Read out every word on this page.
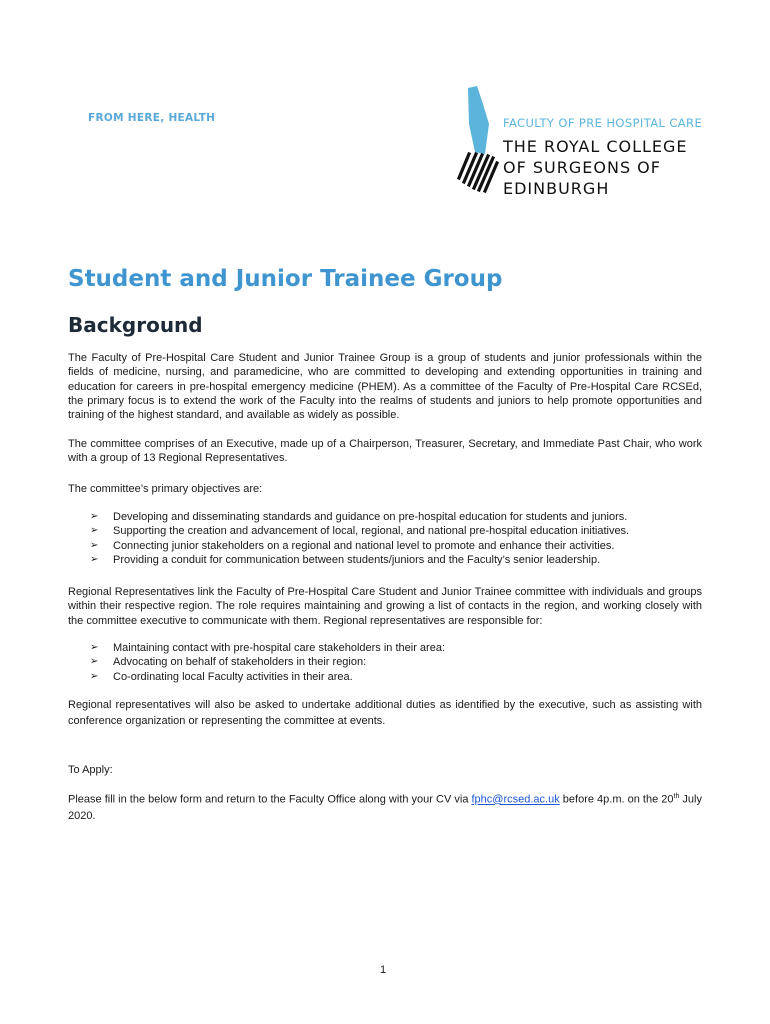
FROM HERE, HEALTH	FACULTY OF PRE HOSPITAL CARE
THE ROYAL COLLEGE
OF SURGEONS OF
EDINBURGH
Student and Junior Trainee Group
Background

The Faculty of Pre-Hospital Care Student and Junior Trainee Group is a group of students and junior professionals within the fields of medicine, nursing, and paramedicine, who are committed to developing and extending opportunities in training and education for careers in pre-hospital emergency medicine (PHEM). As a committee of the Faculty of Pre-Hospital Care RCSEd, the primary focus is to extend the work of the Faculty into the realms of students and juniors to help promote opportunities and training of the highest standard, and available as widely as possible.

The committee comprises of an Executive, made up of a Chairperson, Treasurer, Secretary, and Immediate Past Chair, who work with a group of 13 Regional Representatives.

The committee’s primary objectives are:

➢ Developing and disseminating standards and guidance on pre-hospital education for students and juniors.
➢ Supporting the creation and advancement of local, regional, and national pre-hospital education initiatives.
➢ Connecting junior stakeholders on a regional and national level to promote and enhance their activities.
➢ Providing a conduit for communication between students/juniors and the Faculty’s senior leadership.

Regional Representatives link the Faculty of Pre-Hospital Care Student and Junior Trainee committee with individuals and groups within their respective region. The role requires maintaining and growing a list of contacts in the region, and working closely with the committee executive to communicate with them. Regional representatives are responsible for:

➢ Maintaining contact with pre-hospital care stakeholders in their area:
➢ Advocating on behalf of stakeholders in their region:
➢ Co-ordinating local Faculty activities in their area.

Regional representatives will also be asked to undertake additional duties as identified by the executive, such as assisting with conference organization or representing the committee at events.

To Apply:

Please fill in the below form and return to the Faculty Office along with your CV via fphc@rcsed.ac.uk before 4p.m. on the 20th July 2020.

1
